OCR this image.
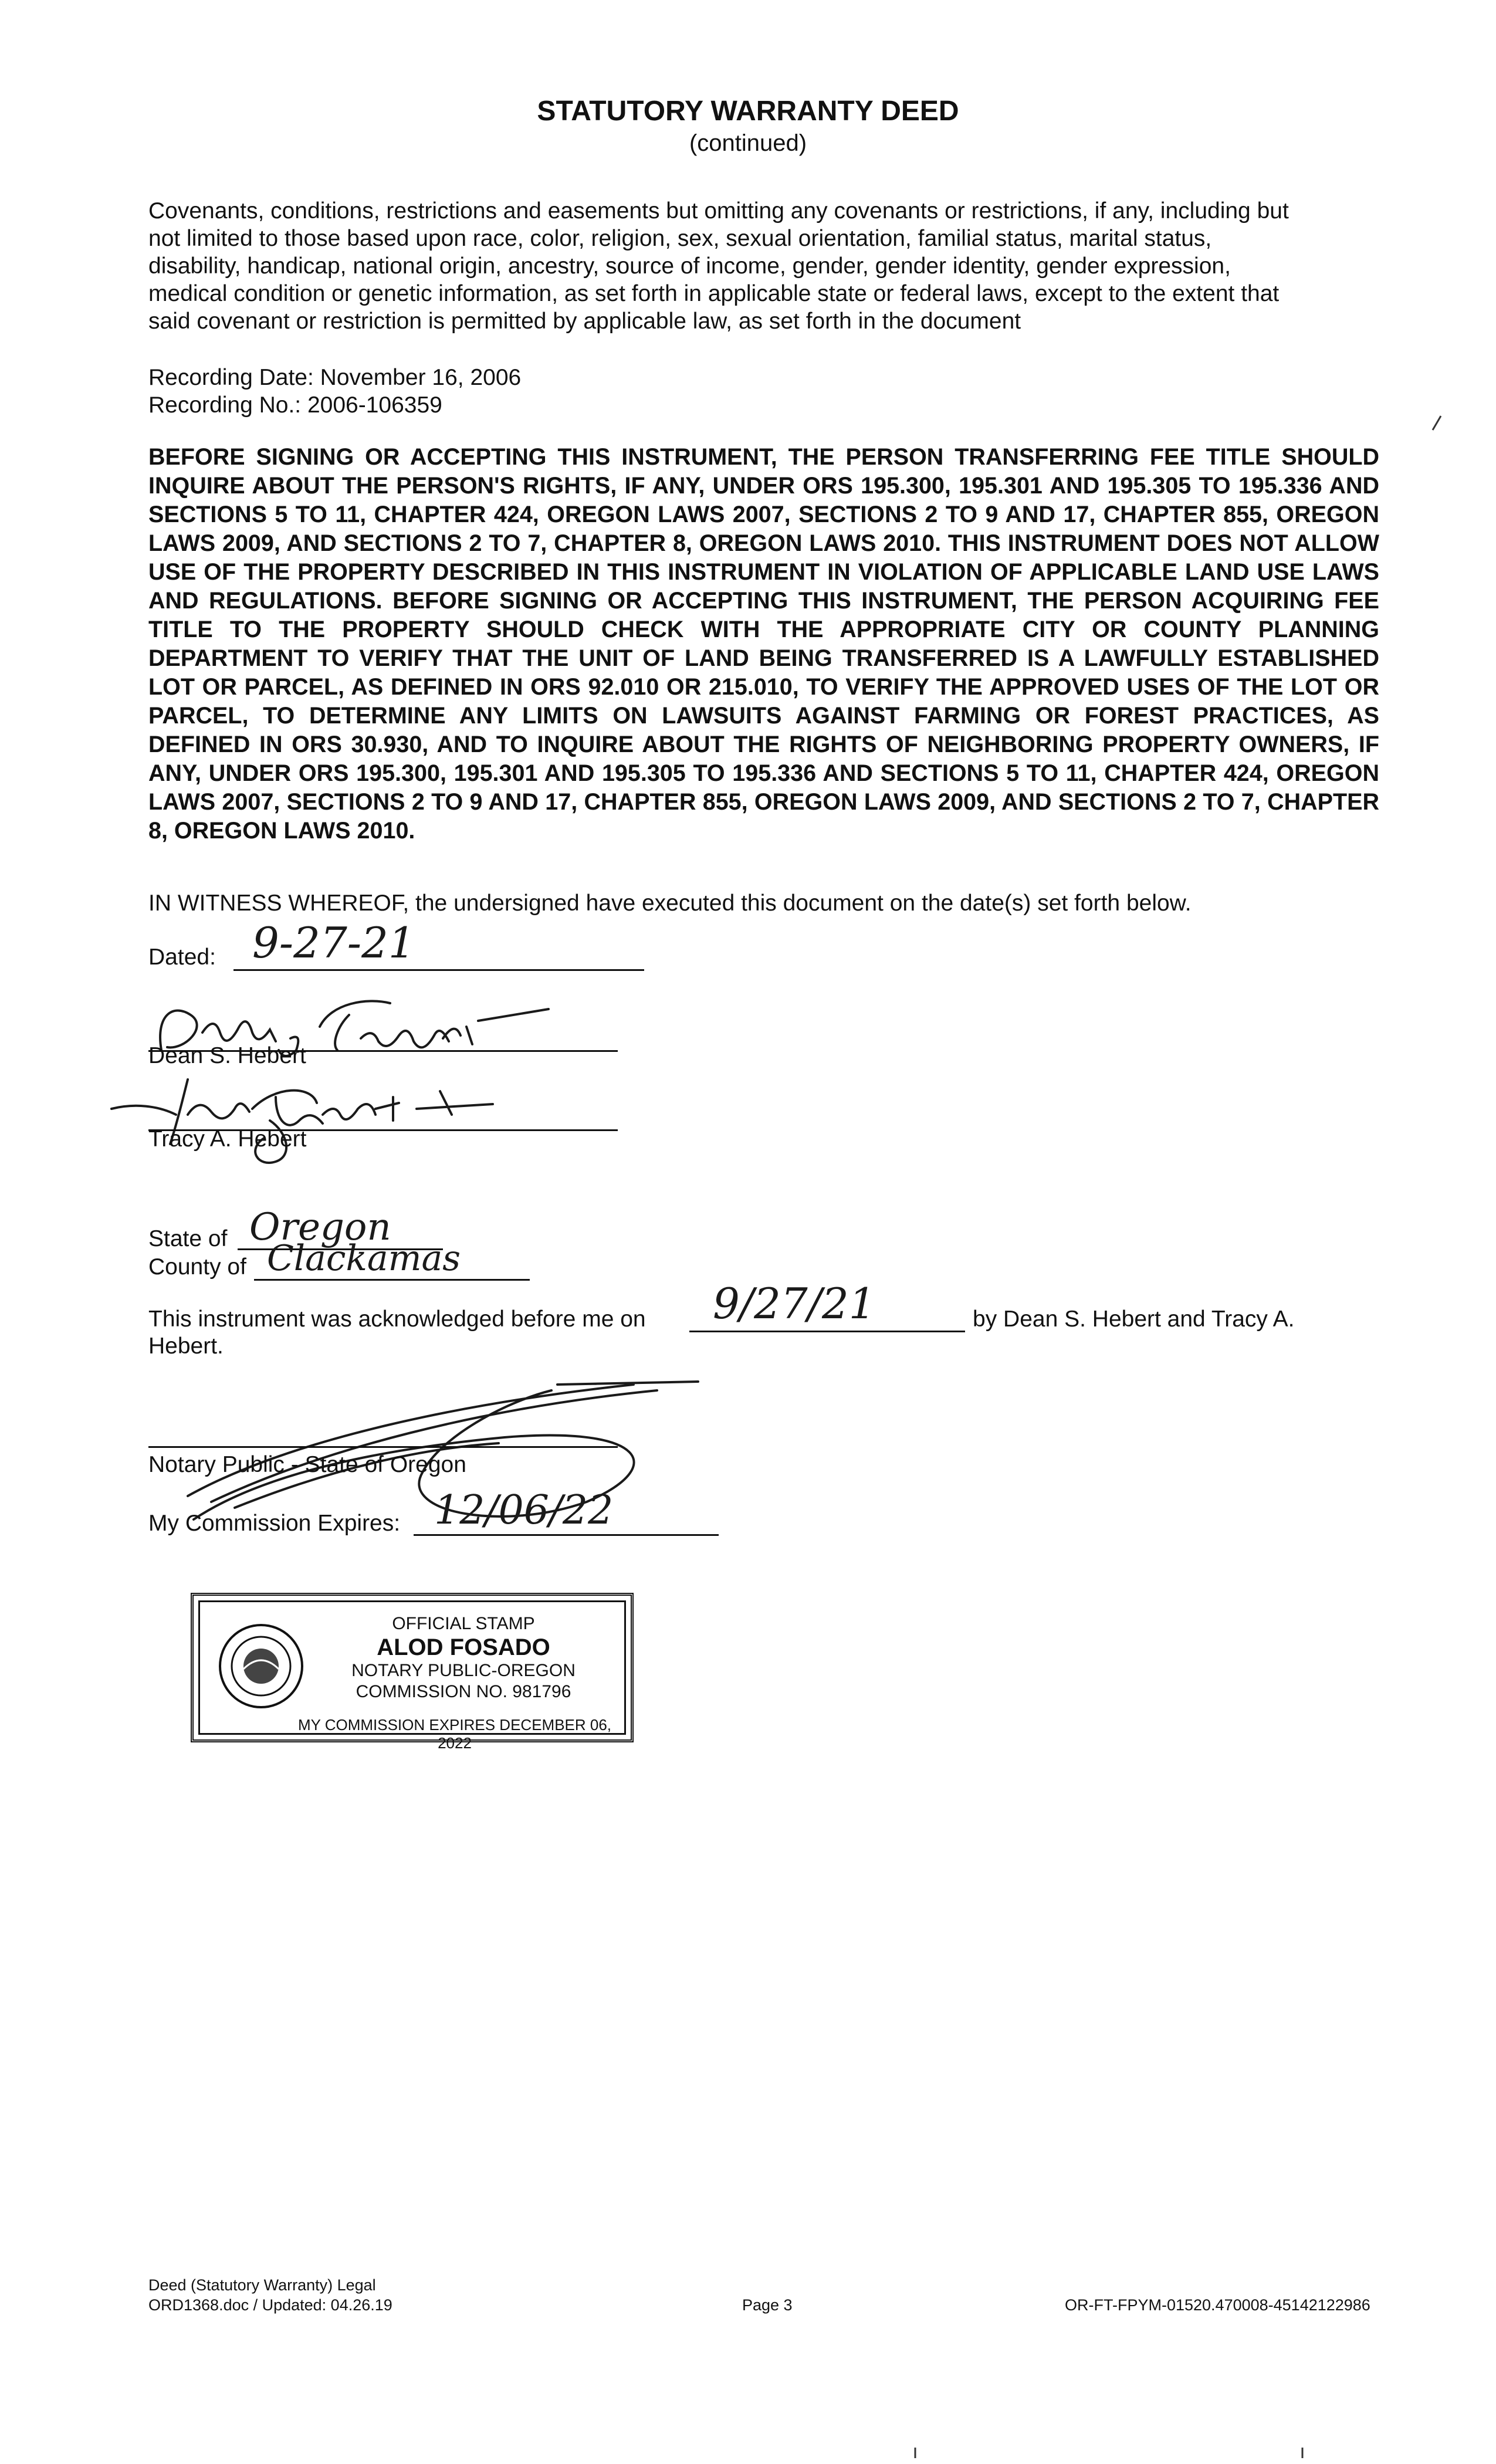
STATUTORY WARRANTY DEED
(continued)
Covenants, conditions, restrictions and easements but omitting any covenants or restrictions, if any, including but
not limited to those based upon race, color, religion, sex, sexual orientation, familial status, marital status,
disability, handicap, national origin, ancestry, source of income, gender, gender identity, gender expression,
medical condition or genetic information, as set forth in applicable state or federal laws, except to the extent that
said covenant or restriction is permitted by applicable law, as set forth in the document
Recording Date: November 16, 2006
Recording No.: 2006-106359
BEFORE SIGNING OR ACCEPTING THIS INSTRUMENT, THE PERSON TRANSFERRING FEE TITLE SHOULD INQUIRE ABOUT THE PERSON'S RIGHTS, IF ANY, UNDER ORS 195.300, 195.301 AND 195.305 TO 195.336 AND SECTIONS 5 TO 11, CHAPTER 424, OREGON LAWS 2007, SECTIONS 2 TO 9 AND 17, CHAPTER 855, OREGON LAWS 2009, AND SECTIONS 2 TO 7, CHAPTER 8, OREGON LAWS 2010. THIS INSTRUMENT DOES NOT ALLOW USE OF THE PROPERTY DESCRIBED IN THIS INSTRUMENT IN VIOLATION OF APPLICABLE LAND USE LAWS AND REGULATIONS. BEFORE SIGNING OR ACCEPTING THIS INSTRUMENT, THE PERSON ACQUIRING FEE TITLE TO THE PROPERTY SHOULD CHECK WITH THE APPROPRIATE CITY OR COUNTY PLANNING DEPARTMENT TO VERIFY THAT THE UNIT OF LAND BEING TRANSFERRED IS A LAWFULLY ESTABLISHED LOT OR PARCEL, AS DEFINED IN ORS 92.010 OR 215.010, TO VERIFY THE APPROVED USES OF THE LOT OR PARCEL, TO DETERMINE ANY LIMITS ON LAWSUITS AGAINST FARMING OR FOREST PRACTICES, AS DEFINED IN ORS 30.930, AND TO INQUIRE ABOUT THE RIGHTS OF NEIGHBORING PROPERTY OWNERS, IF ANY, UNDER ORS 195.300, 195.301 AND 195.305 TO 195.336 AND SECTIONS 5 TO 11, CHAPTER 424, OREGON LAWS 2007, SECTIONS 2 TO 9 AND 17, CHAPTER 855, OREGON LAWS 2009, AND SECTIONS 2 TO 7, CHAPTER 8, OREGON LAWS 2010.
IN WITNESS WHEREOF, the undersigned have executed this document on the date(s) set forth below.
Dated: 9-27-21
Dean S. Hebert
Tracy A. Hebert
State of Oregon
County of Clackamas
This instrument was acknowledged before me on 9/27/21	by Dean S. Hebert and Tracy A.
Hebert.
Notary Public - State of Oregon
My Commission Expires: 12/06/22
OFFICIAL STAMP
ALOD FOSADO
NOTARY PUBLIC-OREGON
COMMISSION NO. 981796
MY COMMISSION EXPIRES DECEMBER 06, 2022
Deed (Statutory Warranty) Legal
ORD1368.doc / Updated: 04.26.19	Page 3	OR-FT-FPYM-01520.470008-45142122986
